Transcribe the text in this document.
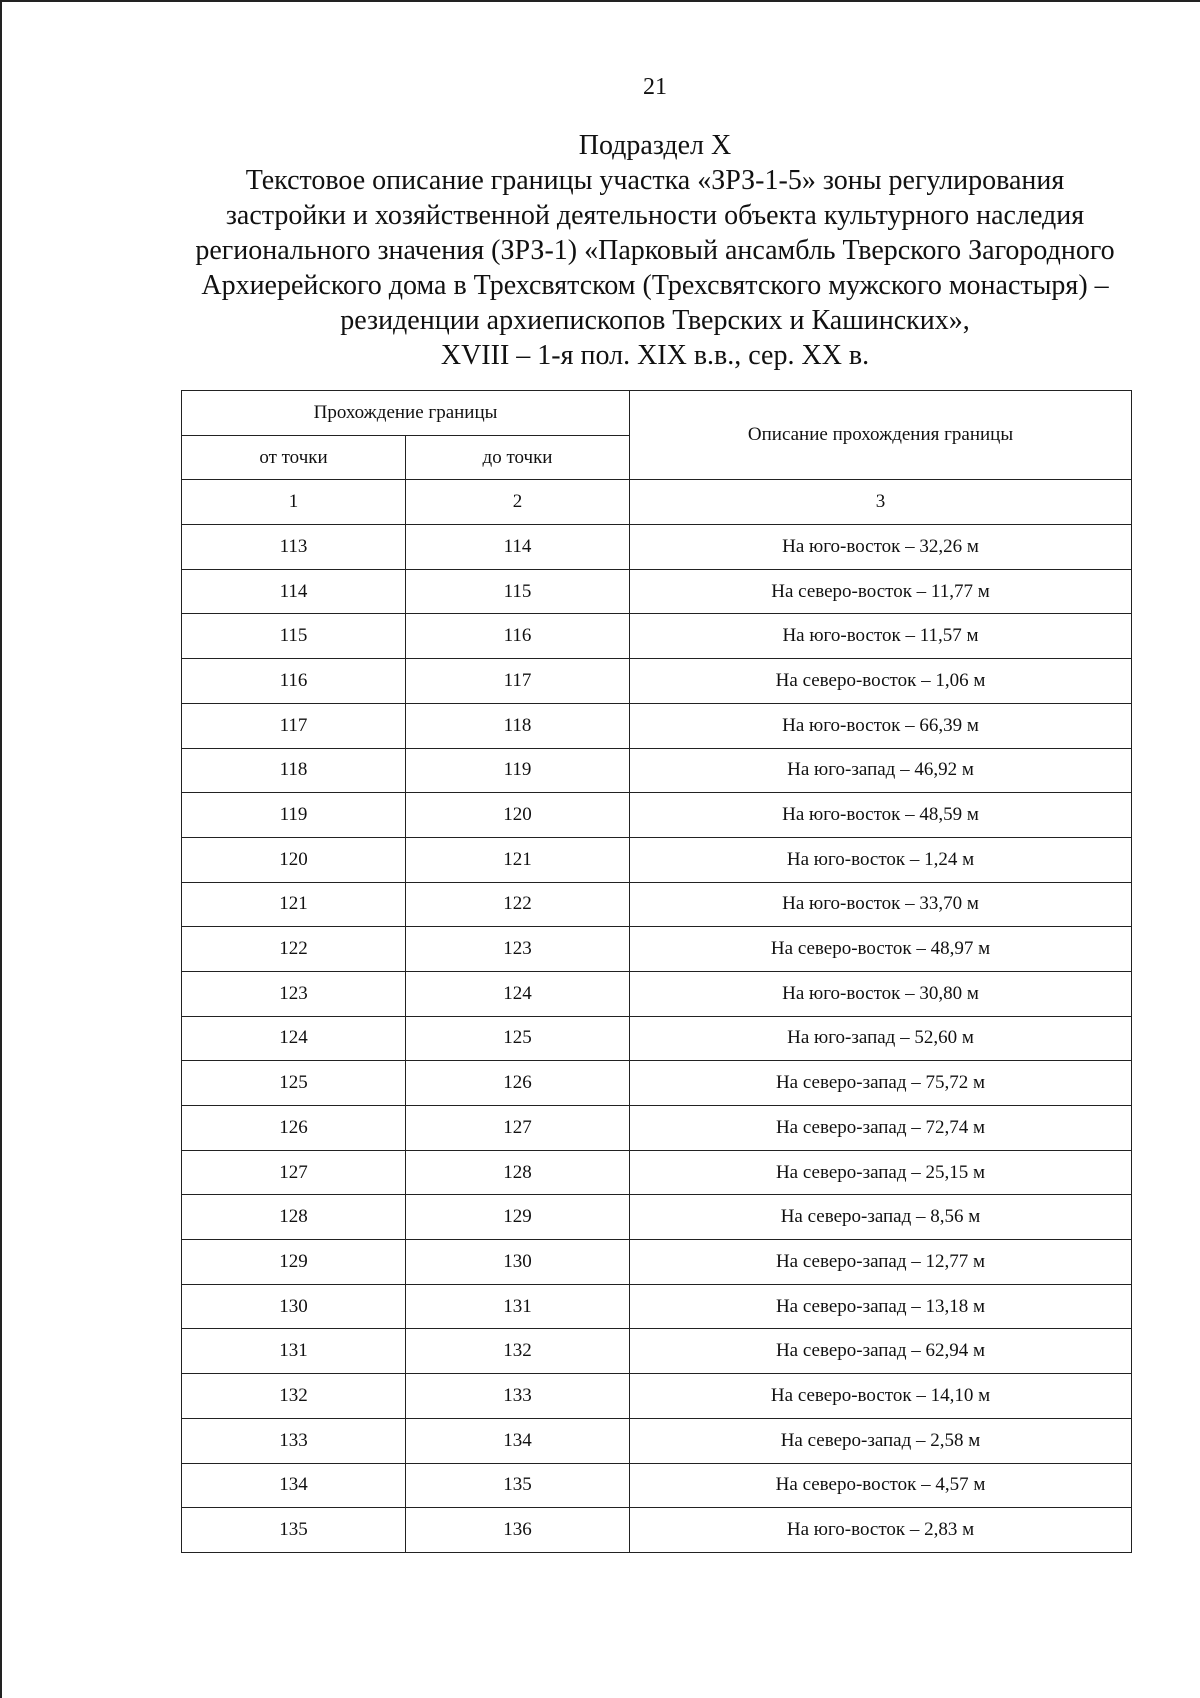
21
Подраздел X
Текстовое описание границы участка «ЗРЗ-1-5» зоны регулирования
застройки и хозяйственной деятельности объекта культурного наследия
регионального значения (ЗРЗ-1) «Парковый ансамбль Тверского Загородного
Архиерейского дома в Трехсвятском (Трехсвятского мужского монастыря) –
резиденции архиепископов Тверских и Кашинских»,
XVIII – 1-я пол. XIX в.в., сер. XX в.
Прохождение границы		Описание прохождения границы
от точки	до точки	
1	2	3
113	114	На юго-восток – 32,26 м
114	115	На северо-восток – 11,77 м
115	116	На юго-восток – 11,57 м
116	117	На северо-восток – 1,06 м
117	118	На юго-восток – 66,39 м
118	119	На юго-запад – 46,92 м
119	120	На юго-восток – 48,59 м
120	121	На юго-восток – 1,24 м
121	122	На юго-восток – 33,70 м
122	123	На северо-восток – 48,97 м
123	124	На юго-восток – 30,80 м
124	125	На юго-запад – 52,60 м
125	126	На северо-запад – 75,72 м
126	127	На северо-запад – 72,74 м
127	128	На северо-запад – 25,15 м
128	129	На северо-запад – 8,56 м
129	130	На северо-запад – 12,77 м
130	131	На северо-запад – 13,18 м
131	132	На северо-запад – 62,94 м
132	133	На северо-восток – 14,10 м
133	134	На северо-запад – 2,58 м
134	135	На северо-восток – 4,57 м
135	136	На юго-восток – 2,83 м
